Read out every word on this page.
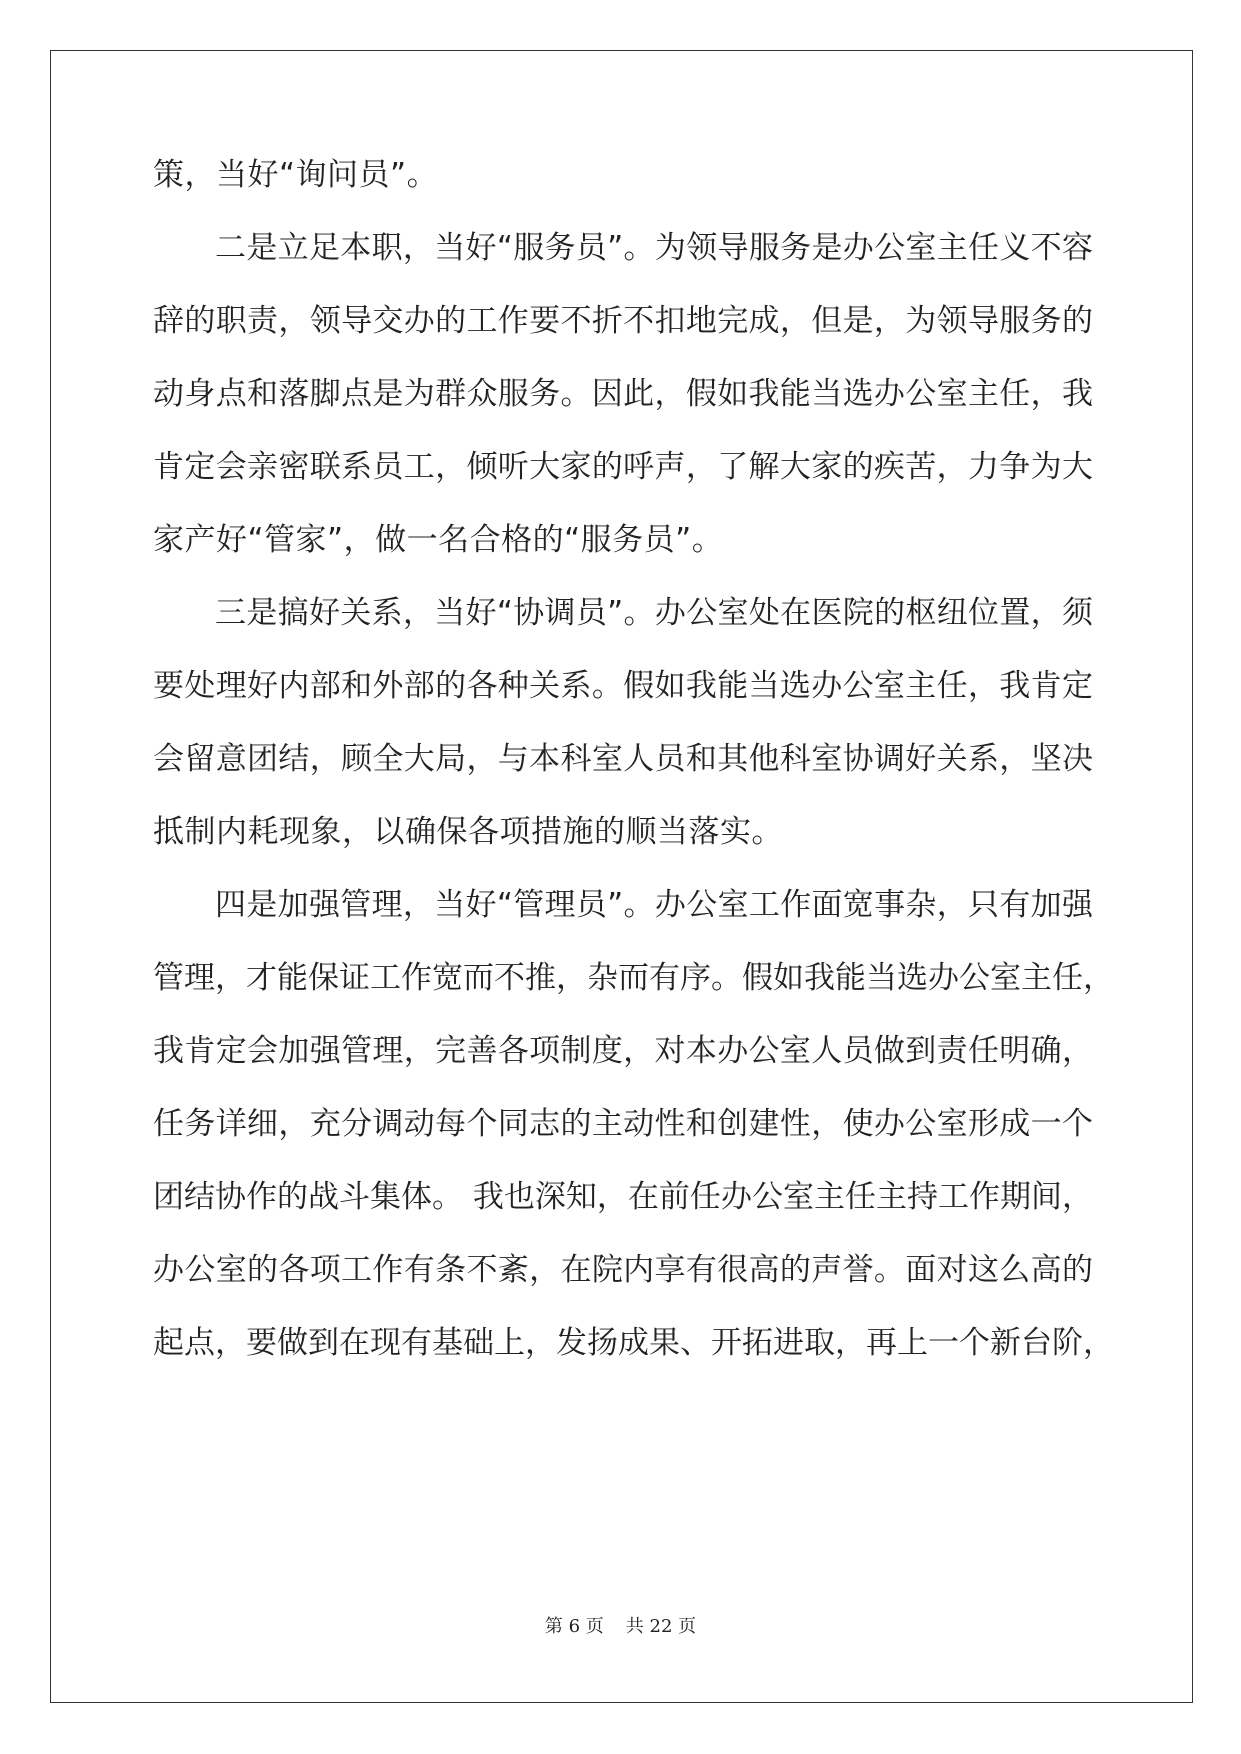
策，当好“询问员”。
二是立足本职，当好“服务员”。为领导服务是办公室主任义不容
辞的职责，领导交办的工作要不折不扣地完成，但是，为领导服务的
动身点和落脚点是为群众服务。因此，假如我能当选办公室主任，我
肯定会亲密联系员工，倾听大家的呼声，了解大家的疾苦，力争为大
家产好“管家”，做一名合格的“服务员”。
三是搞好关系，当好“协调员”。办公室处在医院的枢纽位置，须
要处理好内部和外部的各种关系。假如我能当选办公室主任，我肯定
会留意团结，顾全大局，与本科室人员和其他科室协调好关系，坚决
抵制内耗现象，以确保各项措施的顺当落实。
四是加强管理，当好“管理员”。办公室工作面宽事杂，只有加强
管理，才能保证工作宽而不推，杂而有序。假如我能当选办公室主任，
我肯定会加强管理，完善各项制度，对本办公室人员做到责任明确，
任务详细，充分调动每个同志的主动性和创建性，使办公室形成一个
团结协作的战斗集体。 我也深知，在前任办公室主任主持工作期间，
办公室的各项工作有条不紊，在院内享有很高的声誉。面对这么高的
起点，要做到在现有基础上，发扬成果、开拓进取，再上一个新台阶，
第 6 页 共 22 页
